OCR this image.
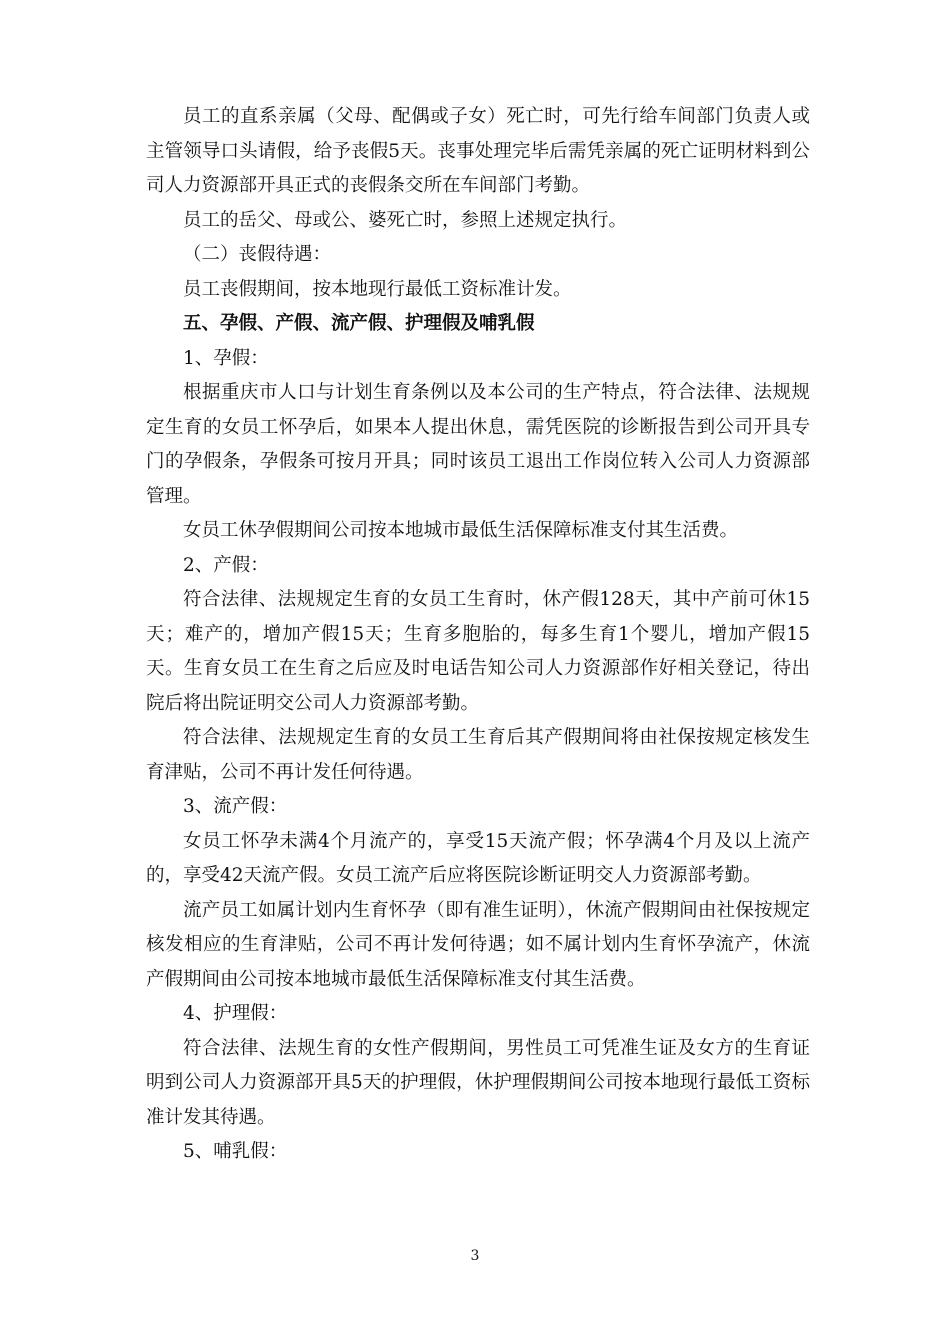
员工的直系亲属（父母、配偶或子女）死亡时，可先行给车间部门负责人或主管领导口头请假，给予丧假5天。丧事处理完毕后需凭亲属的死亡证明材料到公司人力资源部开具正式的丧假条交所在车间部门考勤。

员工的岳父、母或公、婆死亡时，参照上述规定执行。

（二）丧假待遇：

员工丧假期间，按本地现行最低工资标准计发。

五、孕假、产假、流产假、护理假及哺乳假

1、孕假：

根据重庆市人口与计划生育条例以及本公司的生产特点，符合法律、法规规定生育的女员工怀孕后，如果本人提出休息，需凭医院的诊断报告到公司开具专门的孕假条，孕假条可按月开具；同时该员工退出工作岗位转入公司人力资源部管理。

女员工休孕假期间公司按本地城市最低生活保障标准支付其生活费。

2、产假：

符合法律、法规规定生育的女员工生育时，休产假128天，其中产前可休15天；难产的，增加产假15天；生育多胞胎的，每多生育1个婴儿，增加产假15天。生育女员工在生育之后应及时电话告知公司人力资源部作好相关登记，待出院后将出院证明交公司人力资源部考勤。

符合法律、法规规定生育的女员工生育后其产假期间将由社保按规定核发生育津贴，公司不再计发任何待遇。

3、流产假：

女员工怀孕未满4个月流产的，享受15天流产假；怀孕满4个月及以上流产的，享受42天流产假。女员工流产后应将医院诊断证明交人力资源部考勤。

流产员工如属计划内生育怀孕（即有准生证明），休流产假期间由社保按规定核发相应的生育津贴，公司不再计发何待遇；如不属计划内生育怀孕流产，休流产假期间由公司按本地城市最低生活保障标准支付其生活费。

4、护理假：

符合法律、法规生育的女性产假期间，男性员工可凭准生证及女方的生育证明到公司人力资源部开具5天的护理假，休护理假期间公司按本地现行最低工资标准计发其待遇。

5、哺乳假：

3
